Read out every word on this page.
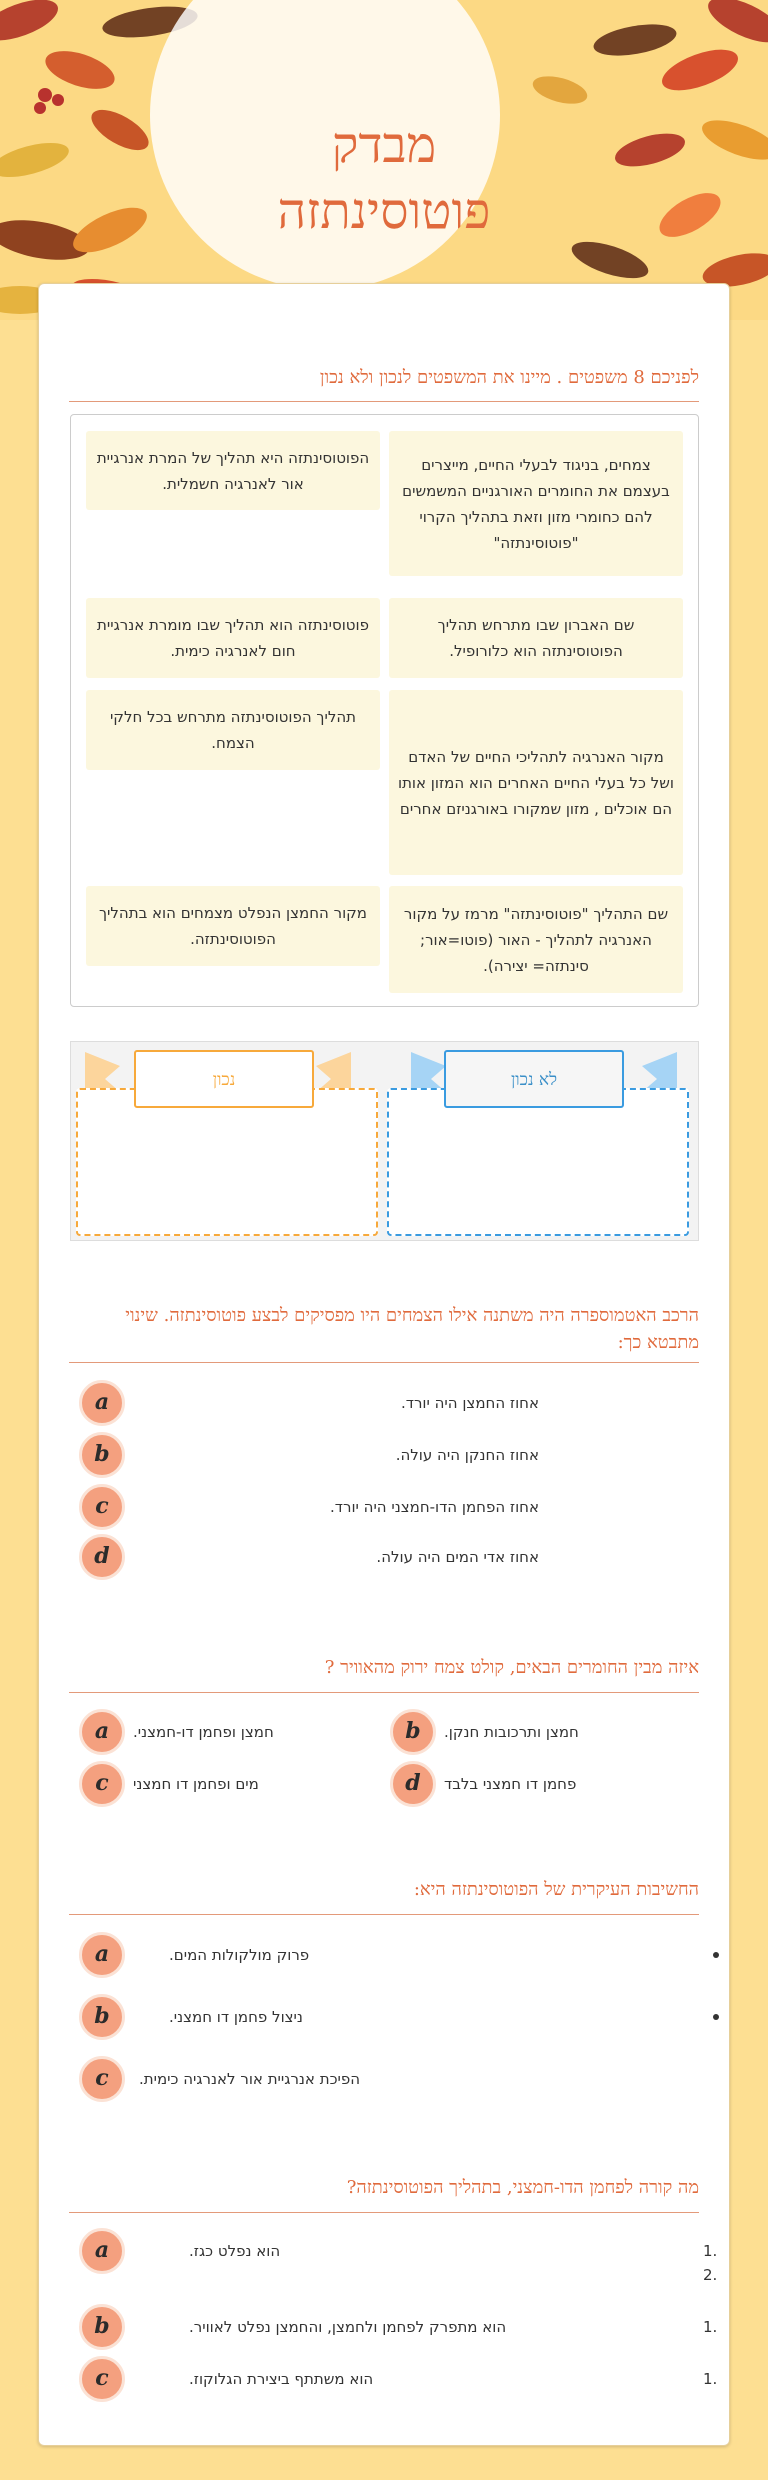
מבדק
פוטוסינתזה
לפניכם 8 משפטים . מיינו את המשפטים לנכון ולא נכון
צמחים, בניגוד לבעלי החיים, מייצרים בעצמם את החומרים האורגניים המשמשים להם כחומרי מזון וזאת בתהליך הקרוי "פוטוסינתזה"
הפוטוסינתזה היא תהליך של המרת אנרגיית אור לאנרגיה חשמלית.
שם האברון שבו מתרחש תהליך הפוטוסינתזה הוא כלורופיל.
פוטוסינתזה הוא תהליך שבו מומרת אנרגיית חום לאנרגיה כימית.
מקור האנרגיה לתהליכי החיים של האדם ושל כל בעלי החיים האחרים הוא המזון אותו הם אוכלים , מזון שמקורו באורגניזם אחרים
תהליך הפוטוסינתזה מתרחש בכל חלקי הצמח.
שם התהליך "פוטוסינתזה" מרמז על מקור האנרגיה לתהליך - האור (פוטו=אור; סינתזה= יצירה).
מקור החמצן הנפלט מצמחים הוא בתהליך הפוטוסינתזה.
לא נכון
נכון
הרכב האטמוספרה היה משתנה אילו הצמחים היו מפסיקים לבצע פוטוסינתזה. שינוי מתבטא כך:
a	אחוז החמצן היה יורד.
b	אחוז החנקן היה עולה.
c	אחוז הפחמן הדו-חמצני היה יורד.
d	אחוז אדי המים היה עולה.
איזה מבין החומרים הבאים, קולט צמח ירוק מהאוויר ?
b	חמצן ותרכובות חנקן.
a	חמצן ופחמן דו-חמצני.
d	פחמן דו חמצני בלבד
c	מים ופחמן דו חמצני
החשיבות העיקרית של הפוטוסינתזה היא:
a	פרוק מולקולות המים.
b	ניצול פחמן דו חמצני.
c	הפיכת אנרגיית אור לאנרגיה כימית.
מה קורה לפחמן הדו-חמצני, בתהליך הפוטוסינתזה?
a	הוא נפלט כגז.	1.
2.
b	הוא מתפרק לפחמן ולחמצן, והחמצן נפלט לאוויר.	1.
c	הוא משתתף ביצירת הגלוקוז.	1.
